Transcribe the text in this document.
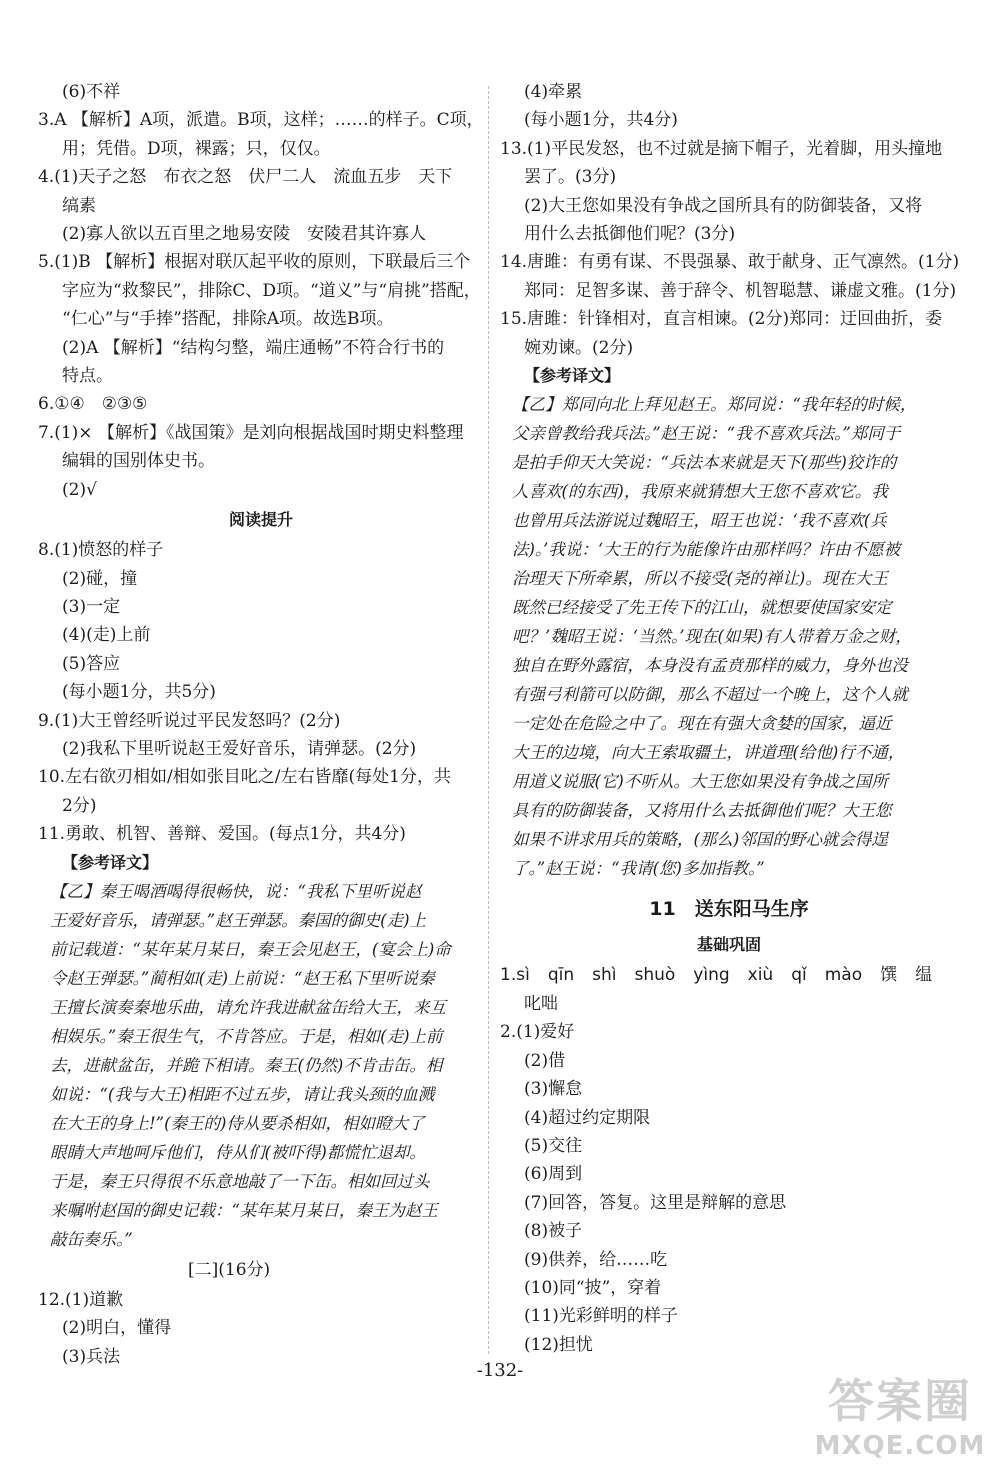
(6)不祥
3.A 【解析】A项，派遣。B项，这样；……的样子。C项，
用；凭借。D项，裸露；只，仅仅。
4.(1)天子之怒　布衣之怒　伏尸二人　流血五步　天下
缟素
(2)寡人欲以五百里之地易安陵　安陵君其许寡人
5.(1)B 【解析】根据对联仄起平收的原则，下联最后三个
字应为“救黎民”，排除C、D项。“道义”与“肩挑”搭配，
“仁心”与“手捧”搭配，排除A项。故选B项。
(2)A 【解析】“结构匀整，端庄通畅”不符合行书的
特点。
6.①④　②③⑤
7.(1)× 【解析】《战国策》是刘向根据战国时期史料整理
编辑的国别体史书。
(2)√
阅读提升
8.(1)愤怒的样子
(2)碰，撞
(3)一定
(4)(走)上前
(5)答应
(每小题1分，共5分)
9.(1)大王曾经听说过平民发怒吗？(2分)
(2)我私下里听说赵王爱好音乐，请弹瑟。(2分)
10.左右欲刃相如/相如张目叱之/左右皆靡(每处1分，共
2分)
11.勇敢、机智、善辩、爱国。(每点1分，共4分)
【参考译文】
【乙】秦王喝酒喝得很畅快，说：“我私下里听说赵
王爱好音乐，请弹瑟。”赵王弹瑟。秦国的御史(走)上
前记载道：“某年某月某日，秦王会见赵王，(宴会上)命
令赵王弹瑟。”蔺相如(走)上前说：“赵王私下里听说秦
王擅长演奏秦地乐曲，请允许我进献盆缶给大王，来互
相娱乐。”秦王很生气，不肯答应。于是，相如(走)上前
去，进献盆缶，并跪下相请。秦王(仍然)不肯击缶。相
如说：“(我与大王)相距不过五步，请让我头颈的血溅
在大王的身上!”(秦王的)侍从要杀相如，相如瞪大了
眼睛大声地呵斥他们，侍从们(被吓得)都慌忙退却。
于是，秦王只得很不乐意地敲了一下缶。相如回过头
来嘱咐赵国的御史记载：“某年某月某日，秦王为赵王
敲缶奏乐。”
[二](16分)
12.(1)道歉
(2)明白，懂得
(3)兵法
(4)牵累
(每小题1分，共4分)
13.(1)平民发怒，也不过就是摘下帽子，光着脚，用头撞地
罢了。(3分)
(2)大王您如果没有争战之国所具有的防御装备，又将
用什么去抵御他们呢？(3分)
14.唐雎：有勇有谋、不畏强暴、敢于献身、正气凛然。(1分)
郑同：足智多谋、善于辞令、机智聪慧、谦虚文雅。(1分)
15.唐雎：针锋相对，直言相谏。(2分)郑同：迂回曲折，委
婉劝谏。(2分)
【参考译文】
【乙】郑同向北上拜见赵王。郑同说：“我年轻的时候，
父亲曾教给我兵法。”赵王说：“我不喜欢兵法。”郑同于
是拍手仰天大笑说：“兵法本来就是天下(那些)狡诈的
人喜欢(的东西)，我原来就猜想大王您不喜欢它。我
也曾用兵法游说过魏昭王，昭王也说：‘我不喜欢(兵
法)。’我说：‘大王的行为能像许由那样吗？许由不愿被
治理天下所牵累，所以不接受(尧的禅让)。现在大王
既然已经接受了先王传下的江山，就想要使国家安定
吧？’魏昭王说：‘当然。’现在(如果)有人带着万金之财，
独自在野外露宿，本身没有孟贲那样的威力，身外也没
有强弓利箭可以防御，那么不超过一个晚上，这个人就
一定处在危险之中了。现在有强大贪婪的国家，逼近
大王的边境，向大王索取疆土，讲道理(给他)行不通，
用道义说服(它)不听从。大王您如果没有争战之国所
具有的防御装备，又将用什么去抵御他们呢？大王您
如果不讲求用兵的策略，(那么)邻国的野心就会得逞
了。”赵王说：“我请(您)多加指教。”
11　送东阳马生序
基础巩固
1.sì qīn shì shuò yìng xiù qǐ mào 馔 缊
叱咄
2.(1)爱好
(2)借
(3)懈怠
(4)超过约定期限
(5)交往
(6)周到
(7)回答，答复。这里是辩解的意思
(8)被子
(9)供养，给……吃
(10)同“披”，穿着
(11)光彩鲜明的样子
(12)担忧
-132-
答案圈
MXQE.COM
